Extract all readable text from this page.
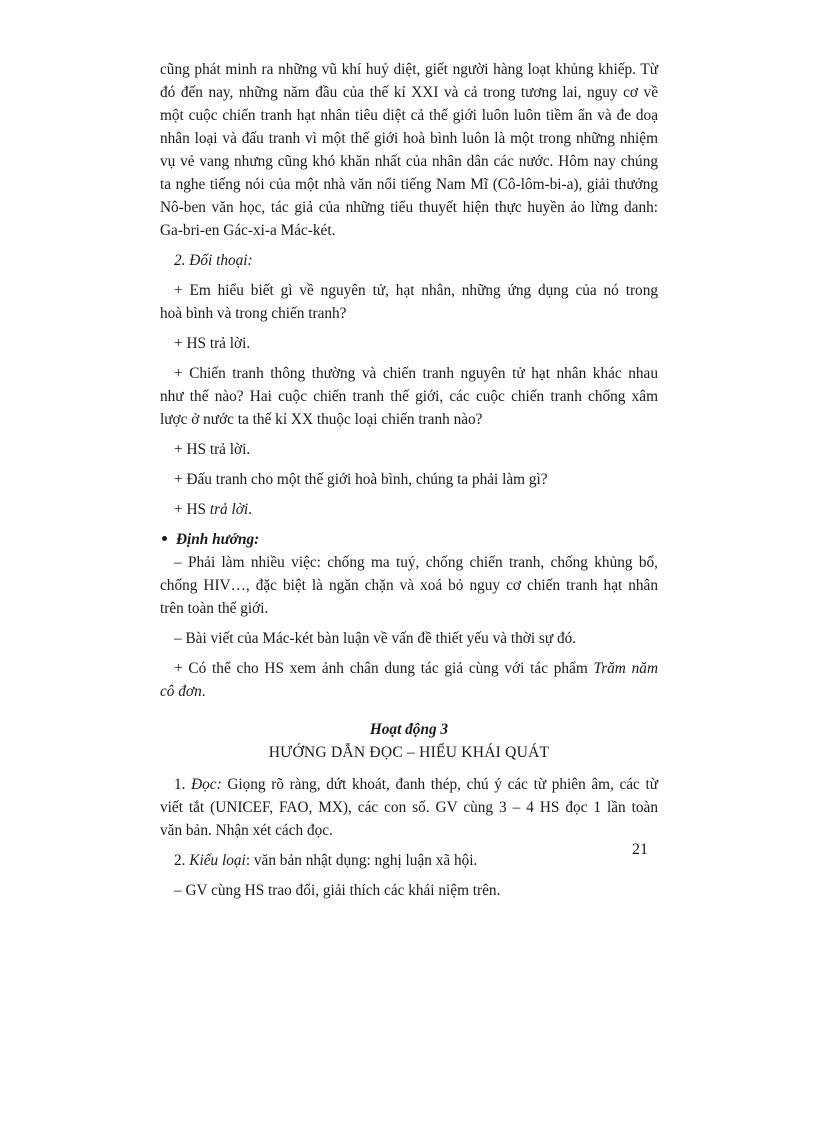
cũng phát minh ra những vũ khí huỷ diệt, giết người hàng loạt khủng khiếp. Từ
đó đến nay, những năm đầu của thế kỉ XXI và cả trong tương lai, nguy cơ về
một cuộc chiến tranh hạt nhân tiêu diệt cả thế giới luôn luôn tiềm ẩn và đe doạ
nhân loại và đấu tranh vì một thế giới hoà bình luôn là một trong những nhiệm
vụ vẻ vang nhưng cũng khó khăn nhất của nhân dân các nước. Hôm nay chúng
ta nghe tiếng nói của một nhà văn nổi tiếng Nam Mĩ (Cô-lôm-bi-a), giải thưởng
Nô-ben văn học, tác giả của những tiểu thuyết hiện thực huyền ảo lừng danh:
Ga-bri-en Gác-xi-a Mác-két.
2. Đối thoại:
+ Em hiểu biết gì về nguyên tử, hạt nhân, những ứng dụng của nó trong
hoà bình và trong chiến tranh?
+ HS trả lời.
+ Chiến tranh thông thường và chiến tranh nguyên tử hạt nhân khác nhau
như thế nào? Hai cuộc chiến tranh thế giới, các cuộc chiến tranh chống xâm
lược ở nước ta thế kỉ XX thuộc loại chiến tranh nào?
+ HS trả lời.
+ Đấu tranh cho một thế giới hoà bình, chúng ta phải làm gì?
+ HS trả lời.
Định hướng:
– Phải làm nhiều việc: chống ma tuý, chống chiến tranh, chống khủng bố,
chống HIV…, đặc biệt là ngăn chặn và xoá bỏ nguy cơ chiến tranh hạt nhân
trên toàn thế giới.
– Bài viết của Mác-két bàn luận về vấn đề thiết yếu và thời sự đó.
+ Có thể cho HS xem ảnh chân dung tác giả cùng với tác phẩm Trăm năm
cô đơn.
Hoạt động 3
HƯỚNG DẪN ĐỌC – HIỂU KHÁI QUÁT
1. Đọc: Giọng rõ ràng, dứt khoát, đanh thép, chú ý các từ phiên âm, các từ
viết tắt (UNICEF, FAO, MX), các con số. GV cùng 3 – 4 HS đọc 1 lần toàn
văn bản. Nhận xét cách đọc.
2. Kiểu loại: văn bản nhật dụng: nghị luận xã hội.
– GV cùng HS trao đổi, giải thích các khái niệm trên.
21
